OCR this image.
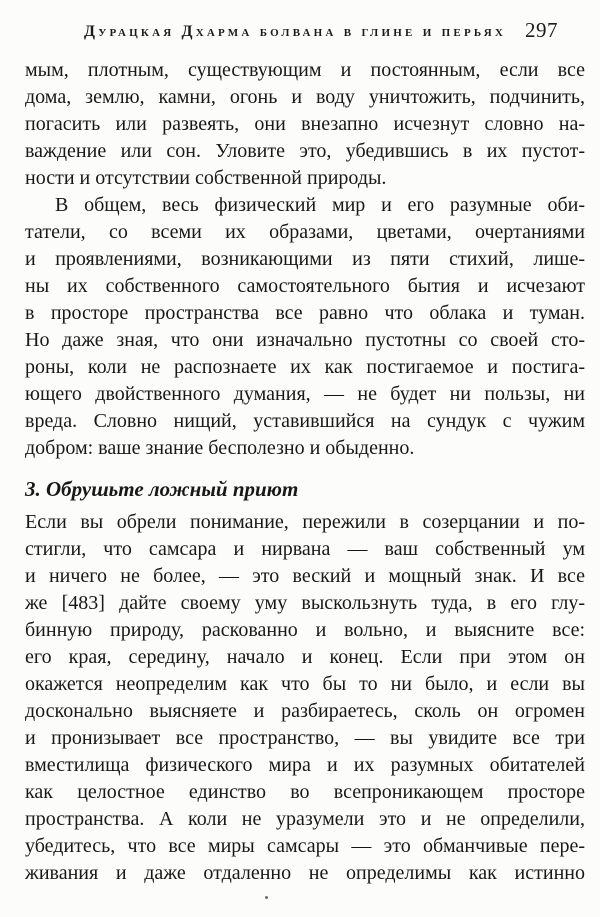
Дурацкая Дхарма болвана в глине и перьях 297
мым, плотным, существующим и постоянным, если все
дома, землю, камни, огонь и воду уничтожить, подчинить,
погасить или развеять, они внезапно исчезнут словно на-
важдение или сон. Уловите это, убедившись в их пустот-
ности и отсутствии собственной природы.
В общем, весь физический мир и его разумные оби-
татели, со всеми их образами, цветами, очертаниями
и проявлениями, возникающими из пяти стихий, лише-
ны их собственного самостоятельного бытия и исчезают
в просторе пространства все равно что облака и туман.
Но даже зная, что они изначально пустотны со своей сто-
роны, коли не распознаете их как постигаемое и постига-
ющего двойственного думания, — не будет ни пользы, ни
вреда. Словно нищий, уставившийся на сундук с чужим
добром: ваше знание бесполезно и обыденно.
3. Обрушьте ложный приют
Если вы обрели понимание, пережили в созерцании и по-
стигли, что самсара и нирвана — ваш собственный ум
и ничего не более, — это веский и мощный знак. И все
же [483] дайте своему уму выскользнуть туда, в его глу-
бинную природу, раскованно и вольно, и выясните все:
его края, середину, начало и конец. Если при этом он
окажется неопределим как что бы то ни было, и если вы
досконально выясняете и разбираетесь, сколь он огромен
и пронизывает все пространство, — вы увидите все три
вместилища физического мира и их разумных обитателей
как целостное единство во всепроникающем просторе
пространства. А коли не уразумели это и не определили,
убедитесь, что все миры самсары — это обманчивые пере-
живания и даже отдаленно не определимы как истинно
